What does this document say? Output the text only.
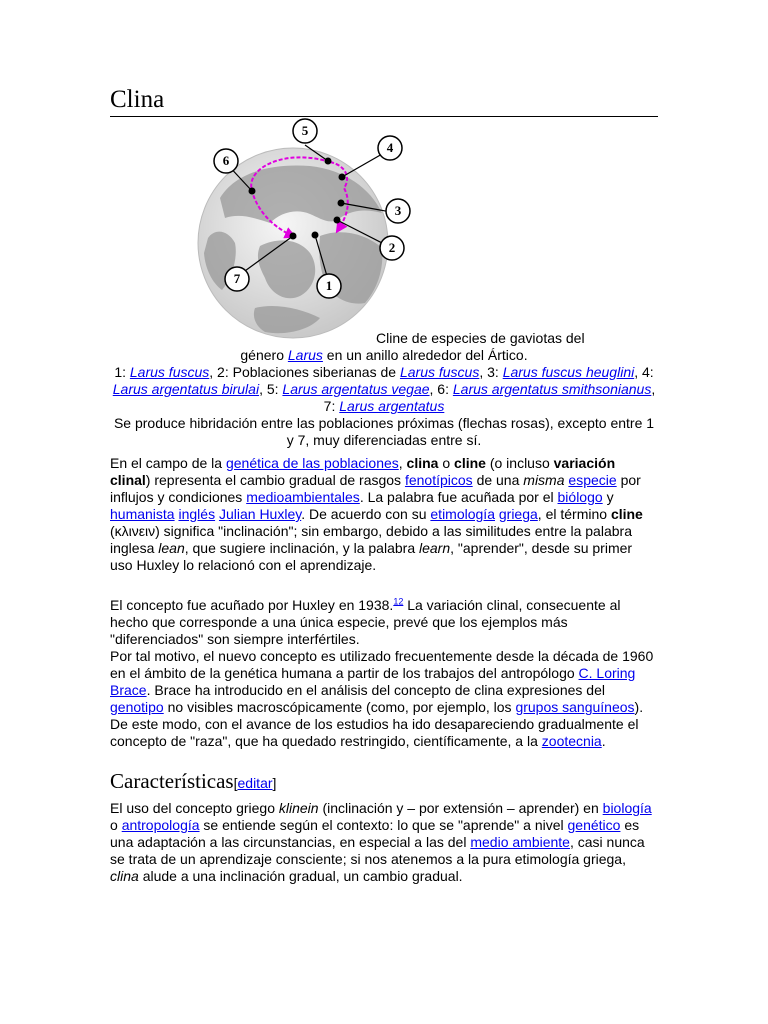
Clina
1
2
3
4
5
6
7
Cline de especies de gaviotas del
género Larus en un anillo alrededor del Ártico.
1: Larus fuscus, 2: Poblaciones siberianas de Larus fuscus, 3: Larus fuscus heuglini, 4: Larus argentatus birulai, 5: Larus argentatus vegae, 6: Larus argentatus smithsonianus, 7: Larus argentatus
Se produce hibridación entre las poblaciones próximas (flechas rosas), excepto entre 1 y 7, muy diferenciadas entre sí.

En el campo de la genética de las poblaciones, clina o cline (o incluso variación clinal) representa el cambio gradual de rasgos fenotípicos de una misma especie por influjos y condiciones medioambientales. La palabra fue acuñada por el biólogo y humanista inglés Julian Huxley. De acuerdo con su etimología griega, el término cline (κλινειν) significa "inclinación"; sin embargo, debido a las similitudes entre la palabra inglesa lean, que sugiere inclinación, y la palabra learn, "aprender", desde su primer uso Huxley lo relacionó con el aprendizaje.

El concepto fue acuñado por Huxley en 1938.12 La variación clinal, consecuente al hecho que corresponde a una única especie, prevé que los ejemplos más "diferenciados" son siempre interfértiles.
Por tal motivo, el nuevo concepto es utilizado frecuentemente desde la década de 1960 en el ámbito de la genética humana a partir de los trabajos del antropólogo C. Loring Brace. Brace ha introducido en el análisis del concepto de clina expresiones del genotipo no visibles macroscópicamente (como, por ejemplo, los grupos sanguíneos). De este modo, con el avance de los estudios ha ido desapareciendo gradualmente el concepto de "raza", que ha quedado restringido, científicamente, a la zootecnia.

Características[editar]

El uso del concepto griego klinein (inclinación y – por extensión – aprender) en biología o antropología se entiende según el contexto: lo que se "aprende" a nivel genético es una adaptación a las circunstancias, en especial a las del medio ambiente, casi nunca se trata de un aprendizaje consciente; si nos atenemos a la pura etimología griega, clina alude a una inclinación gradual, un cambio gradual.
